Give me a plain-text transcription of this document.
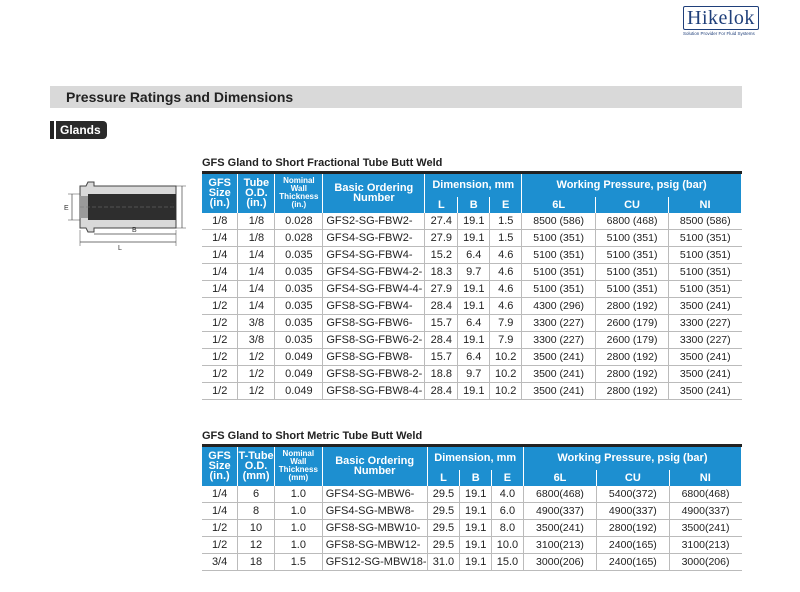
Hikelok
Solution Provider For Fluid Systems
Pressure Ratings and Dimensions
Glands
E	T
B
L
GFS Gland to Short Fractional Tube Butt Weld
GFS Size (in.)	Tube O.D. (in.)	Nominal Wall Thickness (in.)	Basic Ordering Number	Dimension, mm			Working Pressure, psig (bar)		
				L	B	E	6L	CU	NI
1/8	1/8	0.028	GFS2-SG-FBW2-	27.4	19.1	1.5	8500 (586)	6800 (468)	8500 (586)
1/4	1/8	0.028	GFS4-SG-FBW2-	27.9	19.1	1.5	5100 (351)	5100 (351)	5100 (351)
1/4	1/4	0.035	GFS4-SG-FBW4-	15.2	6.4	4.6	5100 (351)	5100 (351)	5100 (351)
1/4	1/4	0.035	GFS4-SG-FBW4-2-	18.3	9.7	4.6	5100 (351)	5100 (351)	5100 (351)
1/4	1/4	0.035	GFS4-SG-FBW4-4-	27.9	19.1	4.6	5100 (351)	5100 (351)	5100 (351)
1/2	1/4	0.035	GFS8-SG-FBW4-	28.4	19.1	4.6	4300 (296)	2800 (192)	3500 (241)
1/2	3/8	0.035	GFS8-SG-FBW6-	15.7	6.4	7.9	3300 (227)	2600 (179)	3300 (227)
1/2	3/8	0.035	GFS8-SG-FBW6-2-	28.4	19.1	7.9	3300 (227)	2600 (179)	3300 (227)
1/2	1/2	0.049	GFS8-SG-FBW8-	15.7	6.4	10.2	3500 (241)	2800 (192)	3500 (241)
1/2	1/2	0.049	GFS8-SG-FBW8-2-	18.8	9.7	10.2	3500 (241)	2800 (192)	3500 (241)
1/2	1/2	0.049	GFS8-SG-FBW8-4-	28.4	19.1	10.2	3500 (241)	2800 (192)	3500 (241)
GFS Gland to Short Metric Tube Butt Weld
GFS Size (in.)	T-Tube O.D. (mm)	Nominal Wall Thickness (mm)	Basic Ordering Number	Dimension, mm			Working Pressure, psig (bar)		
				L	B	E	6L	CU	NI
1/4	6	1.0	GFS4-SG-MBW6-	29.5	19.1	4.0	6800(468)	5400(372)	6800(468)
1/4	8	1.0	GFS4-SG-MBW8-	29.5	19.1	6.0	4900(337)	4900(337)	4900(337)
1/2	10	1.0	GFS8-SG-MBW10-	29.5	19.1	8.0	3500(241)	2800(192)	3500(241)
1/2	12	1.0	GFS8-SG-MBW12-	29.5	19.1	10.0	3100(213)	2400(165)	3100(213)
3/4	18	1.5	GFS12-SG-MBW18-	31.0	19.1	15.0	3000(206)	2400(165)	3000(206)
